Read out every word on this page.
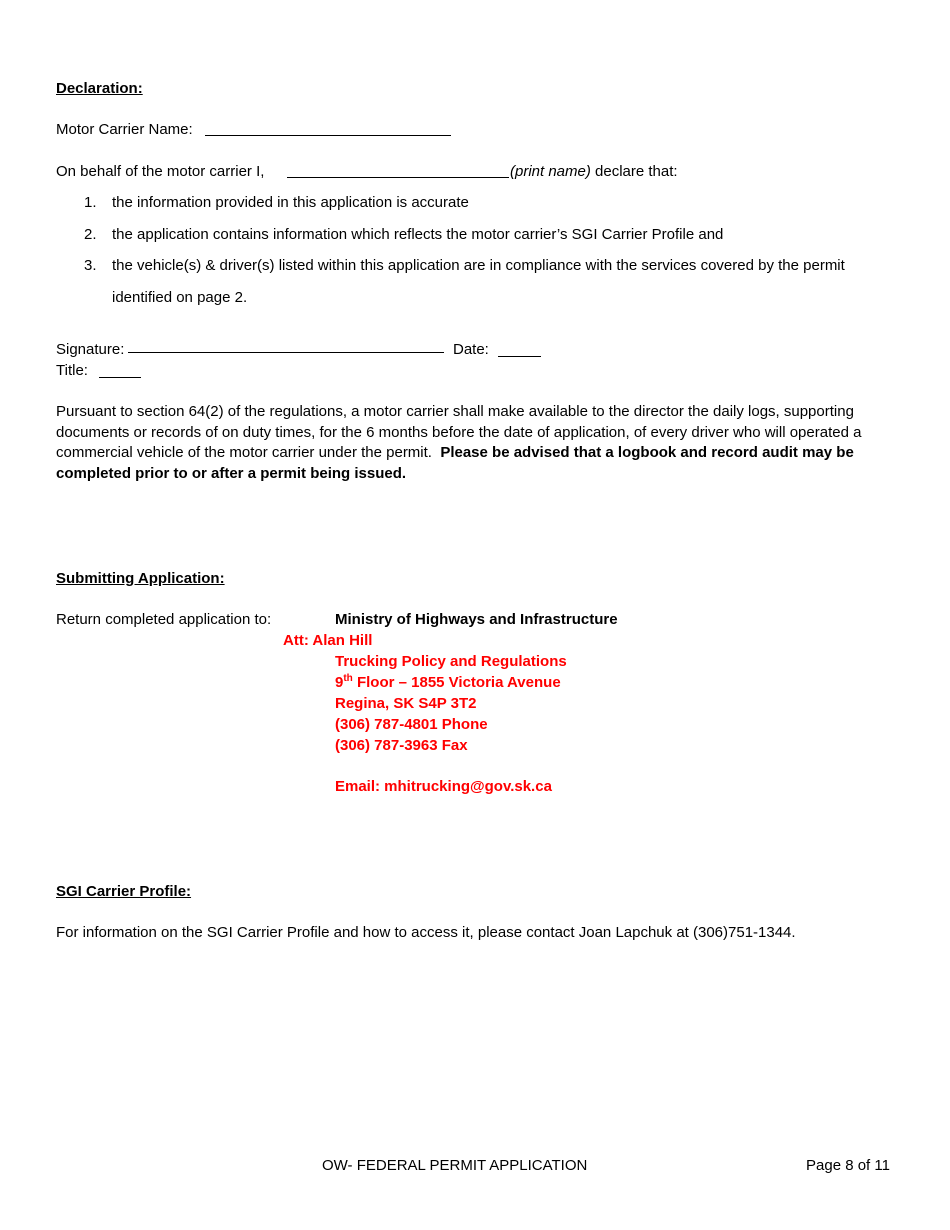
Declaration:
Motor Carrier Name:
On behalf of the motor carrier I,	(print name) declare that:
1. the information provided in this application is accurate
2. the application contains information which reflects the motor carrier’s SGI Carrier Profile and
3. the vehicle(s) & driver(s) listed within this application are in compliance with the services covered by the permit
identified on page 2.
Signature:	Date:
Title:
Pursuant to section 64(2) of the regulations, a motor carrier shall make available to the director the daily logs, supporting documents or records of on duty times, for the 6 months before the date of application, of every driver who will operated a commercial vehicle of the motor carrier under the permit. Please be advised that a logbook and record audit may be completed prior to or after a permit being issued.
Submitting Application:
Return completed application to:	Ministry of Highways and Infrastructure
Att: Alan Hill
Trucking Policy and Regulations
9th Floor – 1855 Victoria Avenue
Regina, SK S4P 3T2
(306) 787-4801 Phone
(306) 787-3963 Fax
Email: mhitrucking@gov.sk.ca
SGI Carrier Profile:
For information on the SGI Carrier Profile and how to access it, please contact Joan Lapchuk at (306)751-1344.
OW- FEDERAL PERMIT APPLICATION	Page 8 of 11
